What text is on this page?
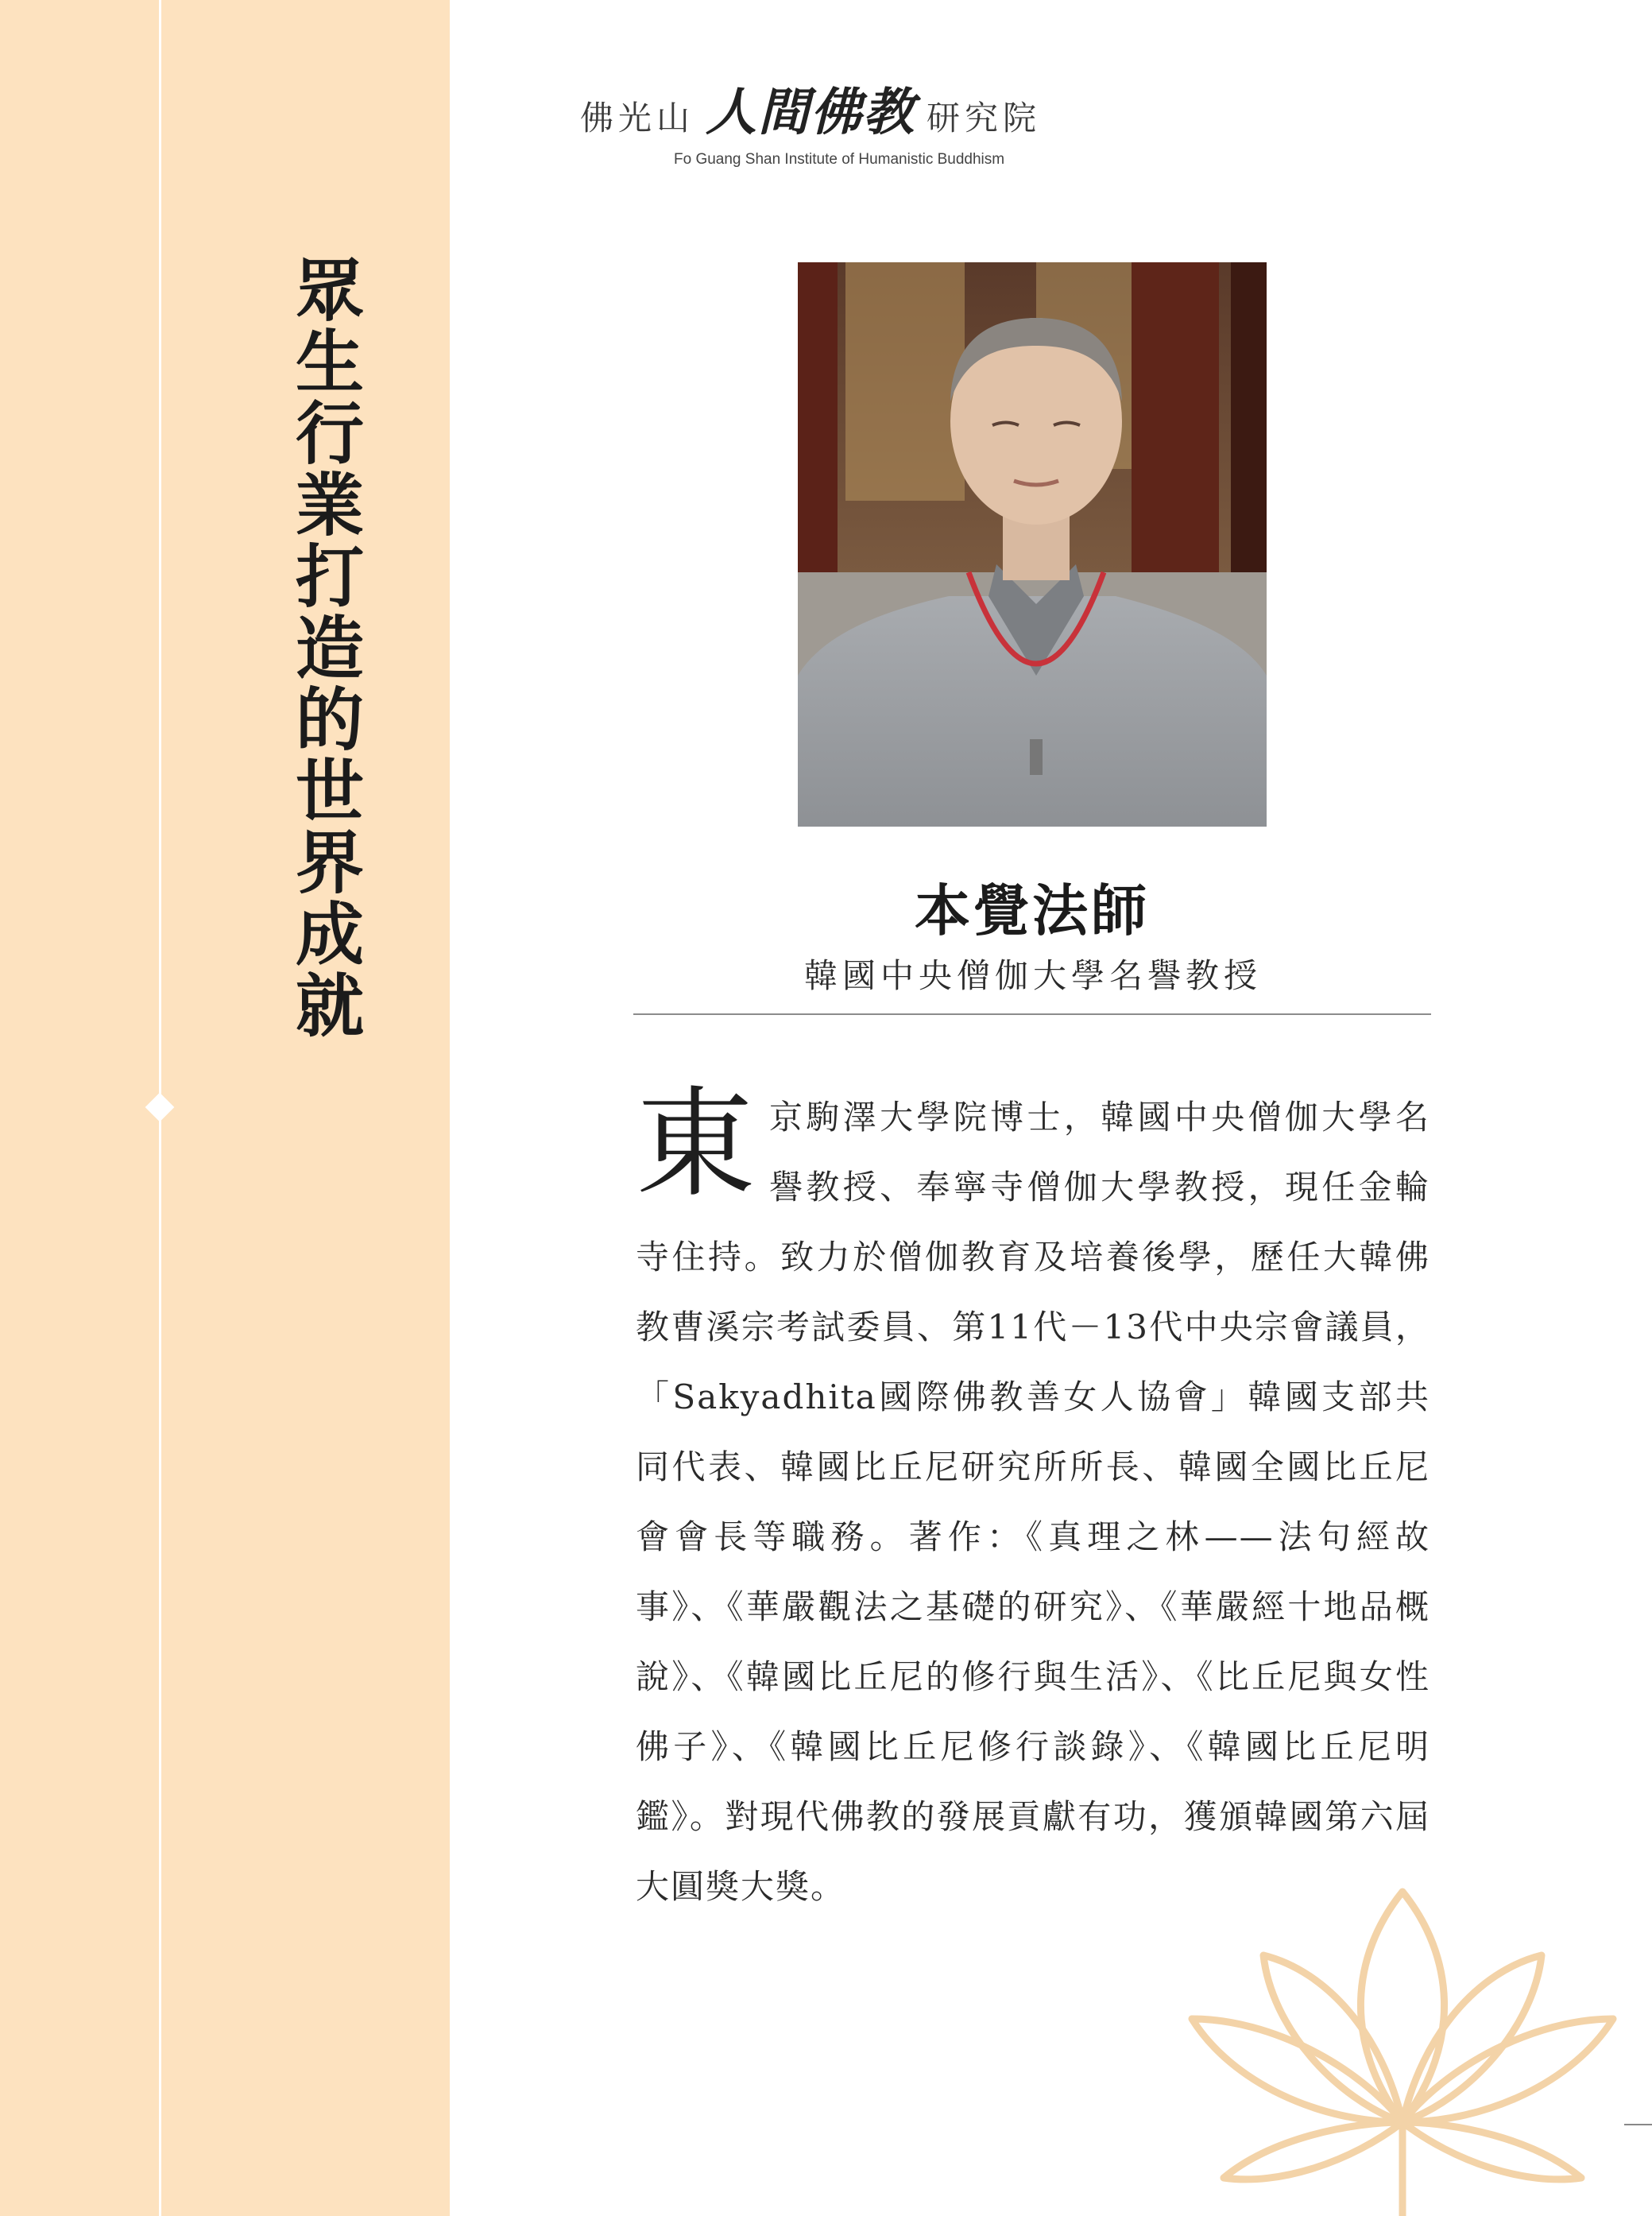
眾生行業打造的世界成就
佛光山 人間佛教 研究院
Fo Guang Shan Institute of Humanistic Buddhism
本覺法師
韓國中央僧伽大學名譽教授
東 京駒澤大學院博士，韓國中央僧伽大學名譽教授、奉寧寺僧伽大學教授，現任金輪寺住持。致力於僧伽教育及培養後學，歷任大韓佛教曹溪宗考試委員、第11代－13代中央宗會議員，「Sakyadhita國際佛教善女人協會」韓國支部共同代表、韓國比丘尼研究所所長、韓國全國比丘尼會會長等職務。著作：《真理之林——法句經故事》、《華嚴觀法之基礎的研究》、《華嚴經十地品概說》、《韓國比丘尼的修行與生活》、《比丘尼與女性佛子》、《韓國比丘尼修行談錄》、《韓國比丘尼明鑑》。對現代佛教的發展貢獻有功，獲頒韓國第六屆大圓獎大獎。
